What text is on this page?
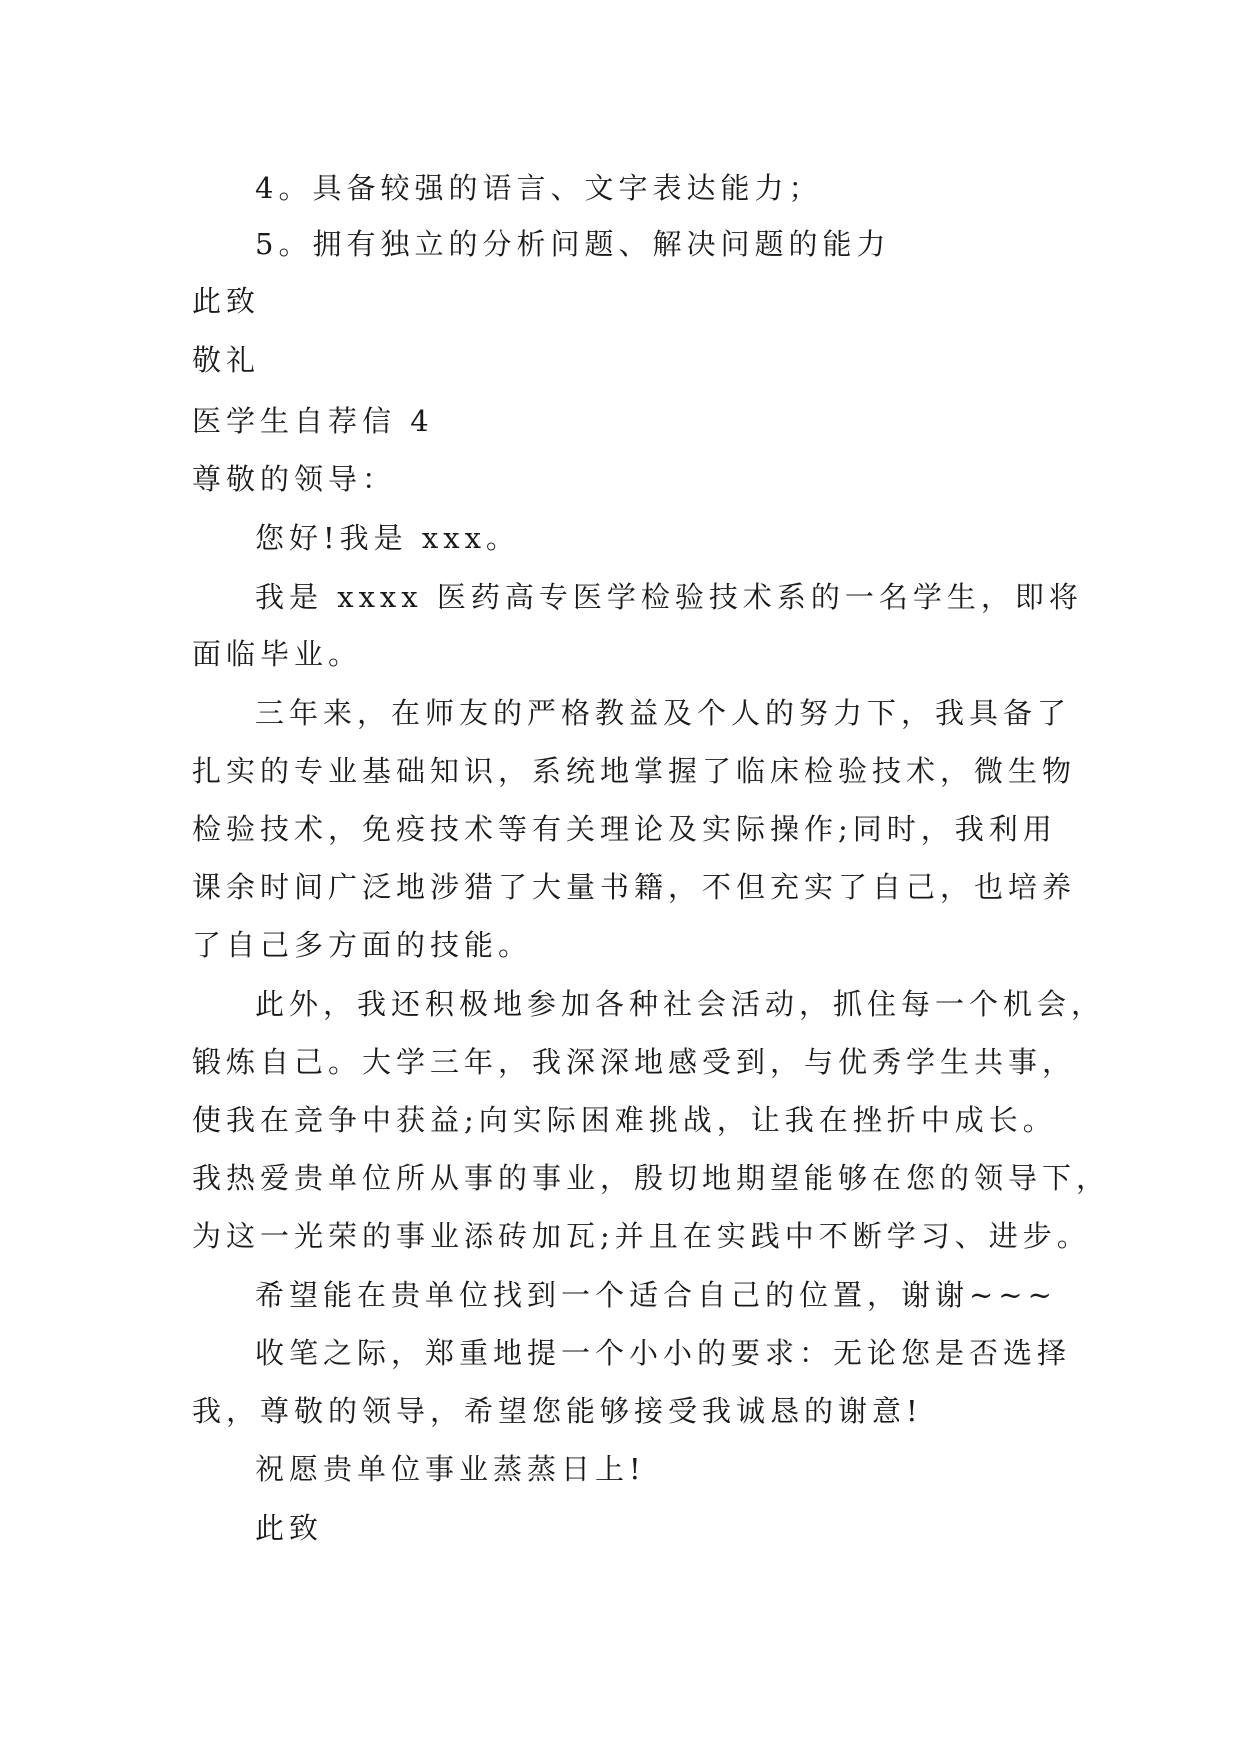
4。具备较强的语言、文字表达能力；
5。拥有独立的分析问题、解决问题的能力
此致
敬礼
医学生自荐信 4
尊敬的领导：
您好!我是 xxx。
我是 xxxx 医药高专医学检验技术系的一名学生，即将
面临毕业。
三年来，在师友的严格教益及个人的努力下，我具备了
扎实的专业基础知识，系统地掌握了临床检验技术，微生物
检验技术，免疫技术等有关理论及实际操作;同时，我利用
课余时间广泛地涉猎了大量书籍，不但充实了自己，也培养
了自己多方面的技能。
此外，我还积极地参加各种社会活动，抓住每一个机会，
锻炼自己。大学三年，我深深地感受到，与优秀学生共事，
使我在竞争中获益;向实际困难挑战，让我在挫折中成长。
我热爱贵单位所从事的事业，殷切地期望能够在您的领导下，
为这一光荣的事业添砖加瓦;并且在实践中不断学习、进步。
希望能在贵单位找到一个适合自己的位置，谢谢~~~
收笔之际，郑重地提一个小小的要求：无论您是否选择
我，尊敬的领导，希望您能够接受我诚恳的谢意!
祝愿贵单位事业蒸蒸日上!
此致
